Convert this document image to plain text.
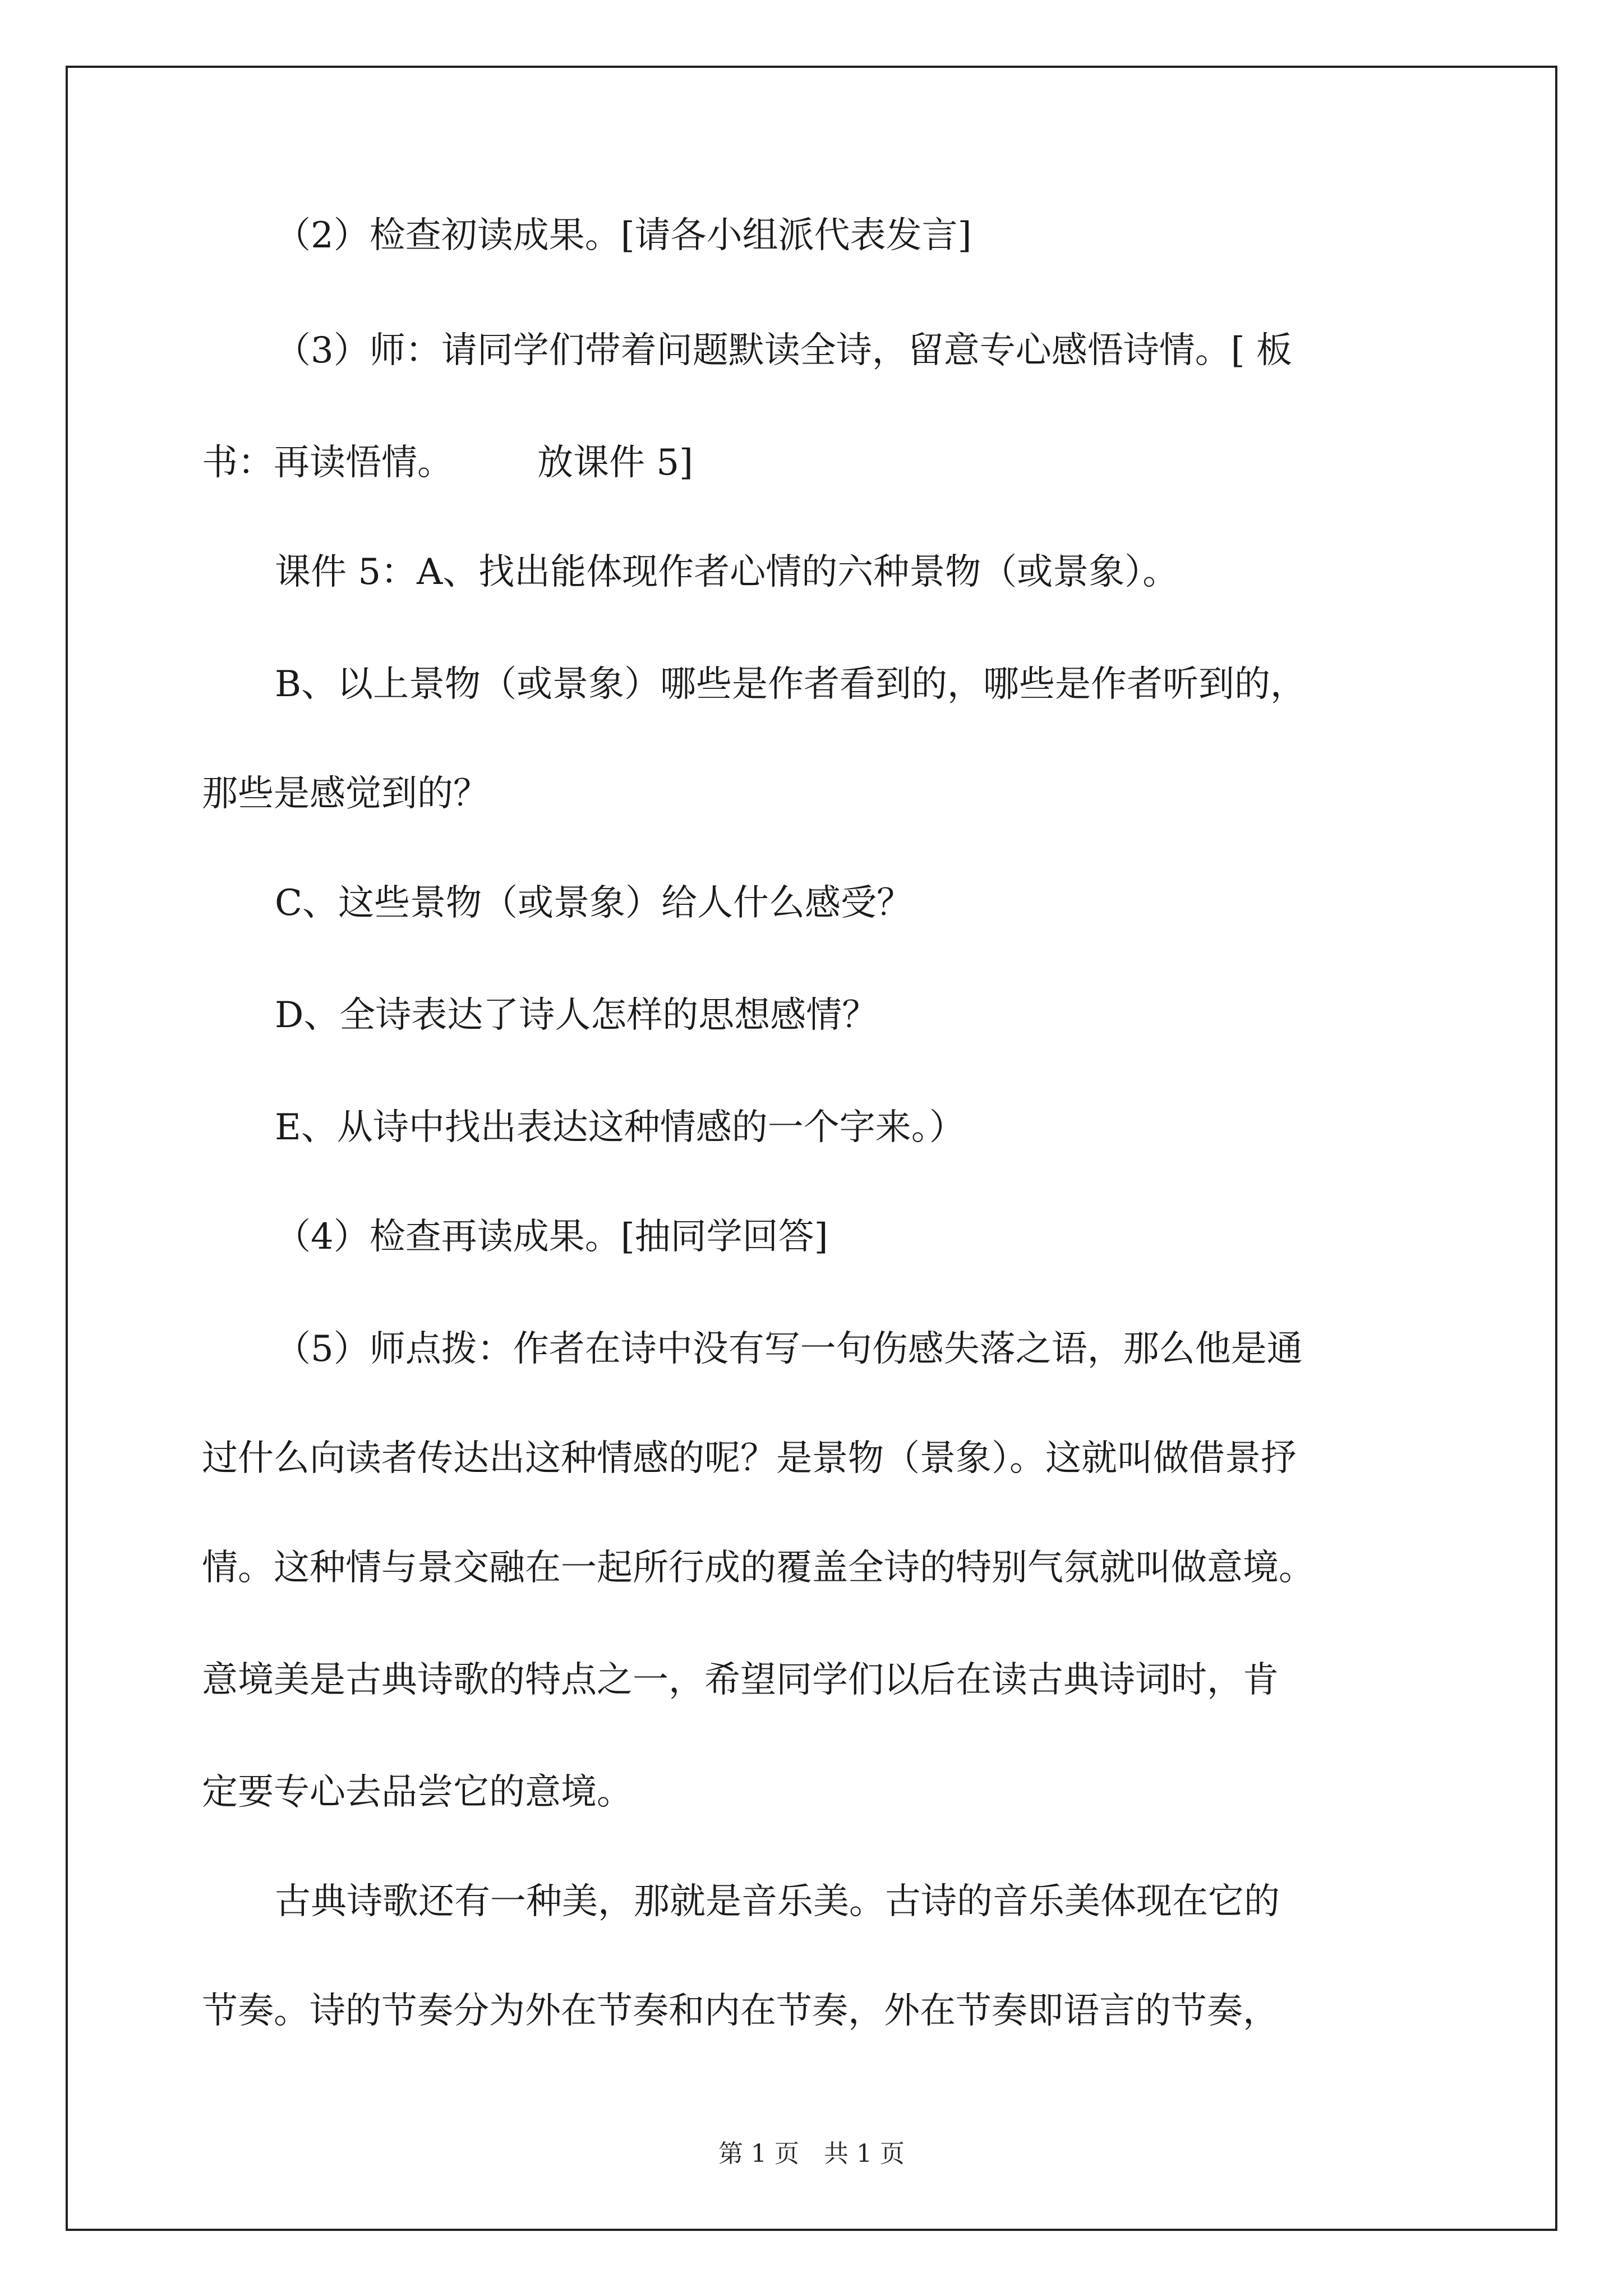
（2）检查初读成果。[请各小组派代表发言]
（3）师：请同学们带着问题默读全诗，留意专心感悟诗情。[ 板
书：再读悟情。 放课件 5]
课件 5：A、找出能体现作者心情的六种景物（或景象）。
B、以上景物（或景象）哪些是作者看到的，哪些是作者听到的，
那些是感觉到的？
C、这些景物（或景象）给人什么感受？
D、全诗表达了诗人怎样的思想感情？
E、从诗中找出表达这种情感的一个字来。）
（4）检查再读成果。[抽同学回答]
（5）师点拨：作者在诗中没有写一句伤感失落之语，那么他是通
过什么向读者传达出这种情感的呢？是景物（景象）。这就叫做借景抒
情。这种情与景交融在一起所行成的覆盖全诗的特别气氛就叫做意境。
意境美是古典诗歌的特点之一，希望同学们以后在读古典诗词时，肯
定要专心去品尝它的意境。
古典诗歌还有一种美，那就是音乐美。古诗的音乐美体现在它的
节奏。诗的节奏分为外在节奏和内在节奏，外在节奏即语言的节奏，
第 1 页 共 1 页
